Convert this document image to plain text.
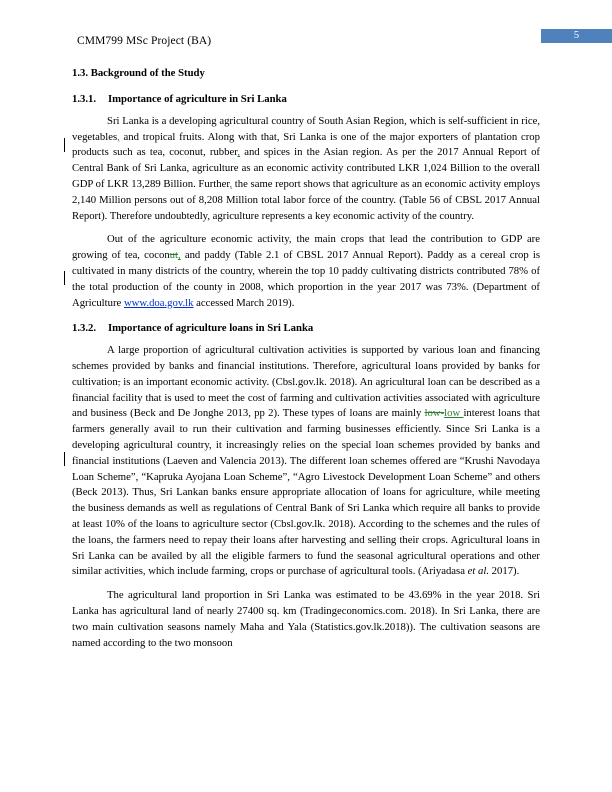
CMM799 MSc Project (BA)	5
1.3. Background of the Study
1.3.1. Importance of agriculture in Sri Lanka

Sri Lanka is a developing agricultural country of South Asian Region, which is self-sufficient in rice, vegetables, and tropical fruits. Along with that, Sri Lanka is one of the major exporters of plantation crop products such as tea, coconut, rubber, and spices in the Asian region. As per the 2017 Annual Report of Central Bank of Sri Lanka, agriculture as an economic activity contributed LKR 1,024 Billion to the overall GDP of LKR 13,289 Billion. Further, the same report shows that agriculture as an economic activity employs 2,140 Million persons out of 8,208 Million total labor force of the country. (Table 56 of CBSL 2017 Annual Report). Therefore undoubtedly, agriculture represents a key economic activity of the country.

Out of the agriculture economic activity, the main crops that lead the contribution to GDP are growing of tea, coconut, and paddy (Table 2.1 of CBSL 2017 Annual Report). Paddy as a cereal crop is cultivated in many districts of the country, wherein the top 10 paddy cultivating districts contributed 78% of the total production of the county in 2008, which proportion in the year 2017 was 73%. (Department of Agriculture www.doa.gov.lk accessed March 2019).

1.3.2. Importance of agriculture loans in Sri Lanka

A large proportion of agricultural cultivation activities is supported by various loan and financing schemes provided by banks and financial institutions. Therefore, agricultural loans provided by banks for cultivation, is an important economic activity. (Cbsl.gov.lk. 2018). An agricultural loan can be described as a financial facility that is used to meet the cost of farming and cultivation activities associated with agriculture and business (Beck and De Jonghe 2013, pp 2). These types of loans are mainly low-low interest loans that farmers generally avail to run their cultivation and farming businesses efficiently. Since Sri Lanka is a developing agricultural country, it increasingly relies on the special loan schemes provided by banks and financial institutions (Laeven and Valencia 2013). The different loan schemes offered are “Krushi Navodaya Loan Scheme”, “Kapruka Ayojana Loan Scheme”, “Agro Livestock Development Loan Scheme” and others (Beck 2013). Thus, Sri Lankan banks ensure appropriate allocation of loans for agriculture, while meeting the business demands as well as regulations of Central Bank of Sri Lanka which require all banks to provide at least 10% of the loans to agriculture sector (Cbsl.gov.lk. 2018). According to the schemes and the rules of the loans, the farmers need to repay their loans after harvesting and selling their crops. Agricultural loans in Sri Lanka can be availed by all the eligible farmers to fund the seasonal agricultural operations and other similar activities, which include farming, crops or purchase of agricultural tools. (Ariyadasa et al. 2017).

The agricultural land proportion in Sri Lanka was estimated to be 43.69% in the year 2018. Sri Lanka has agricultural land of nearly 27400 sq. km (Tradingeconomics.com. 2018). In Sri Lanka, there are two main cultivation seasons namely Maha and Yala (Statistics.gov.lk.2018)). The cultivation seasons are named according to the two monsoon
